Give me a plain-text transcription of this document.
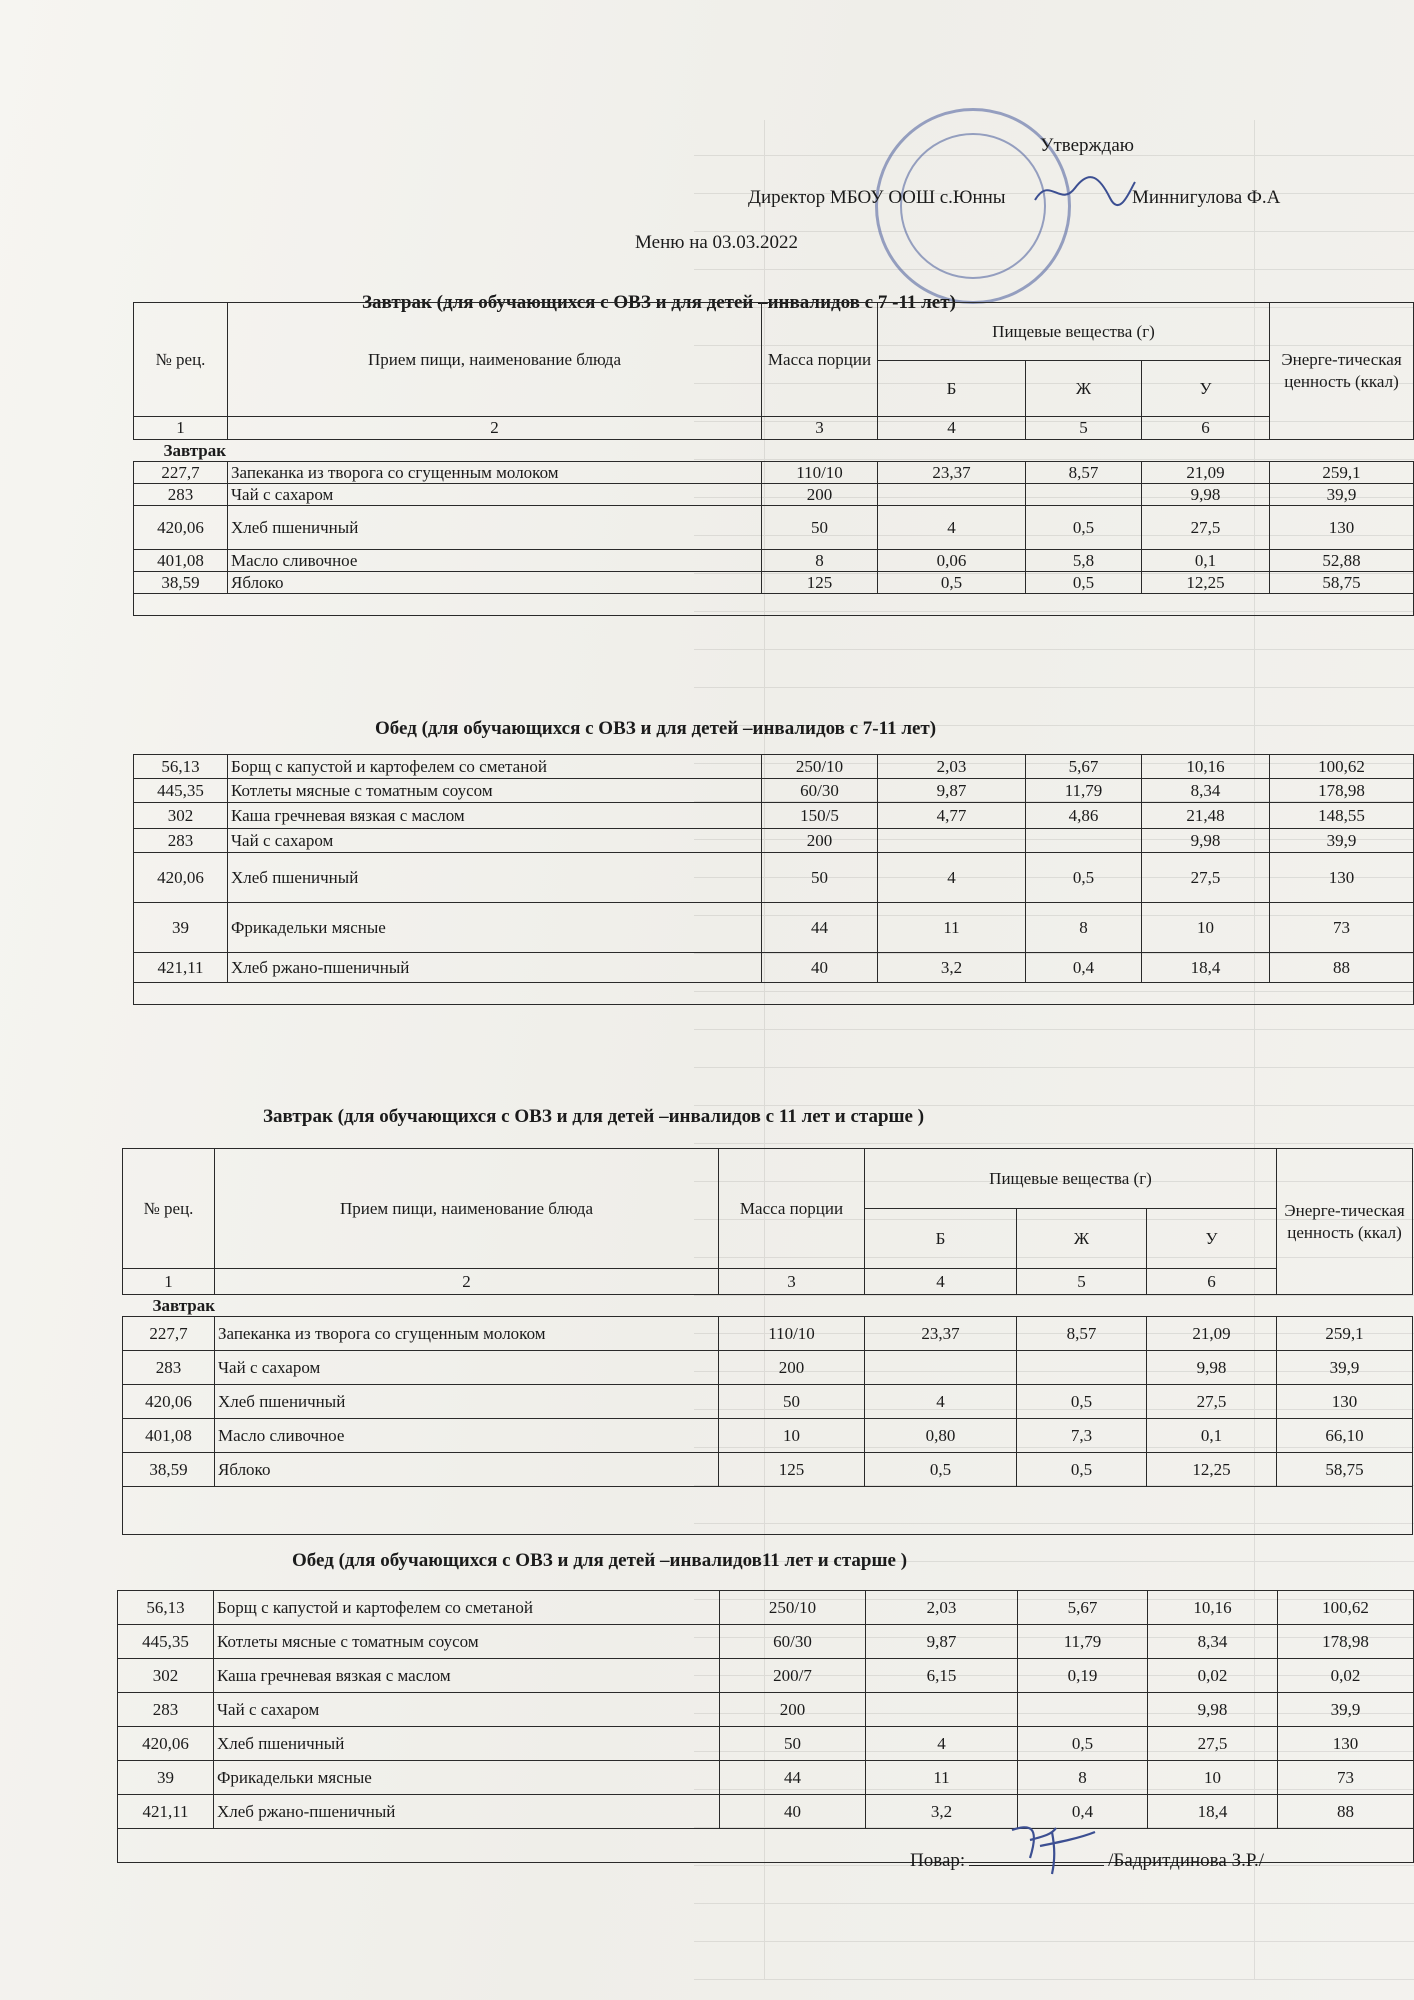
Утверждаю
Директор МБОУ ООШ с.Юнны	Миннигулова Ф.А
Меню на 03.03.2022
Завтрак (для обучающихся с ОВЗ и для детей –инвалидов с 7 -11 лет)
№ рец.	Прием пищи, наименование блюда	Масса порции	Пищевые вещества (г)			Энерге-тическая ценность (ккал)
			Б	Ж	У	
1	2	3	4	5	6	
Завтрак						
227,7	Запеканка из творога со сгущенным молоком	110/10	23,37	8,57	21,09	259,1
283	Чай с сахаром	200			9,98	39,9
420,06	Хлеб пшеничный	50	4	0,5	27,5	130
401,08	Масло сливочное	8	0,06	5,8	0,1	52,88
38,59	Яблоко	125	0,5	0,5	12,25	58,75

Обед (для обучающихся с ОВЗ и для детей –инвалидов с 7-11 лет)
56,13	Борщ с капустой и картофелем со сметаной	250/10	2,03	5,67	10,16	100,62
445,35	Котлеты мясные с томатным соусом	60/30	9,87	11,79	8,34	178,98
302	Каша гречневая вязкая с маслом	150/5	4,77	4,86	21,48	148,55
283	Чай с сахаром	200			9,98	39,9
420,06	Хлеб пшеничный	50	4	0,5	27,5	130
39	Фрикадельки мясные	44	11	8	10	73
421,11	Хлеб ржано-пшеничный	40	3,2	0,4	18,4	88

Завтрак (для обучающихся с ОВЗ и для детей –инвалидов с 11 лет и старше )
№ рец.	Прием пищи, наименование блюда	Масса порции	Пищевые вещества (г)			Энерге-тическая ценность (ккал)
			Б	Ж	У	
1	2	3	4	5	6	
Завтрак						
227,7	Запеканка из творога со сгущенным молоком	110/10	23,37	8,57	21,09	259,1
283	Чай с сахаром	200			9,98	39,9
420,06	Хлеб пшеничный	50	4	0,5	27,5	130
401,08	Масло сливочное	10	0,80	7,3	0,1	66,10
38,59	Яблоко	125	0,5	0,5	12,25	58,75

Обед (для обучающихся с ОВЗ и для детей –инвалидов11 лет и старше )
56,13	Борщ с капустой и картофелем со сметаной	250/10	2,03	5,67	10,16	100,62
445,35	Котлеты мясные с томатным соусом	60/30	9,87	11,79	8,34	178,98
302	Каша гречневая вязкая с маслом	200/7	6,15	0,19	0,02	0,02
283	Чай с сахаром	200			9,98	39,9
420,06	Хлеб пшеничный	50	4	0,5	27,5	130
39	Фрикадельки мясные	44	11	8	10	73
421,11	Хлеб ржано-пшеничный	40	3,2	0,4	18,4	88

Повар:	/Бадритдинова З.Р./
